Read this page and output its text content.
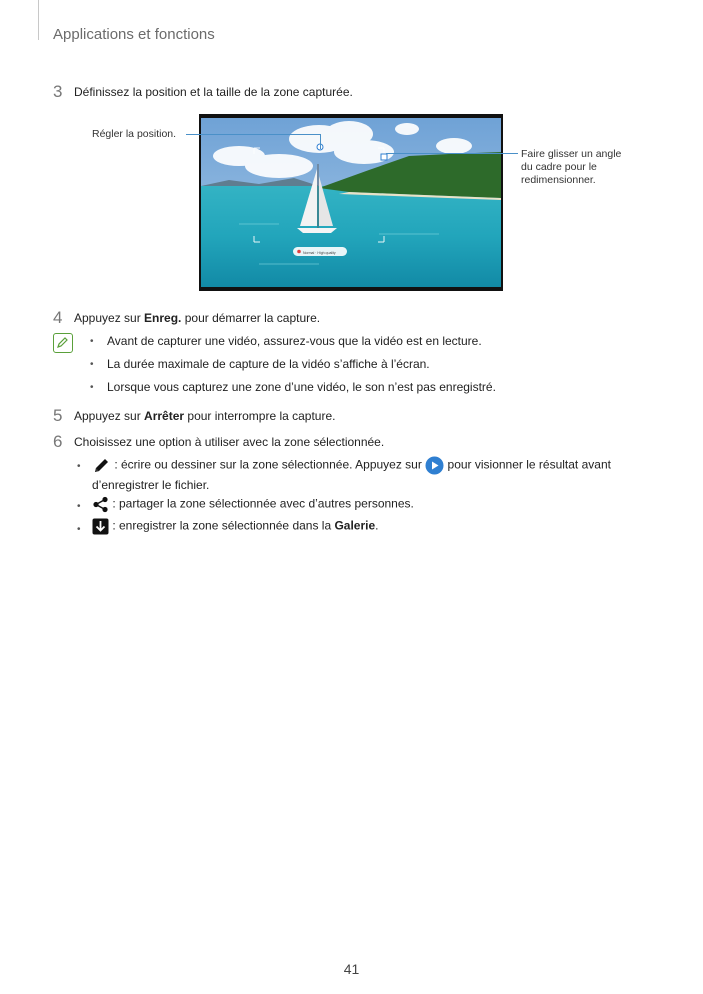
Applications et fonctions
3 Définissez la position et la taille de la zone capturée.
Normal · High quality
Régler la position.
Faire glisser un angle
du cadre pour le
redimensionner.
4 Appuyez sur Enreg. pour démarrer la capture.
• Avant de capturer une vidéo, assurez-vous que la vidéo est en lecture.
• La durée maximale de capture de la vidéo s’affiche à l’écran.
• Lorsque vous capturez une zone d’une vidéo, le son n’est pas enregistré.
5 Appuyez sur Arrêter pour interrompre la capture.
6 Choisissez une option à utiliser avec la zone sélectionnée.
•	: écrire ou dessiner sur la zone sélectionnée. Appuyez sur  pour visionner le résultat avant
d’enregistrer le fichier.
•	: partager la zone sélectionnée avec d’autres personnes.
•	: enregistrer la zone sélectionnée dans la Galerie.
41
